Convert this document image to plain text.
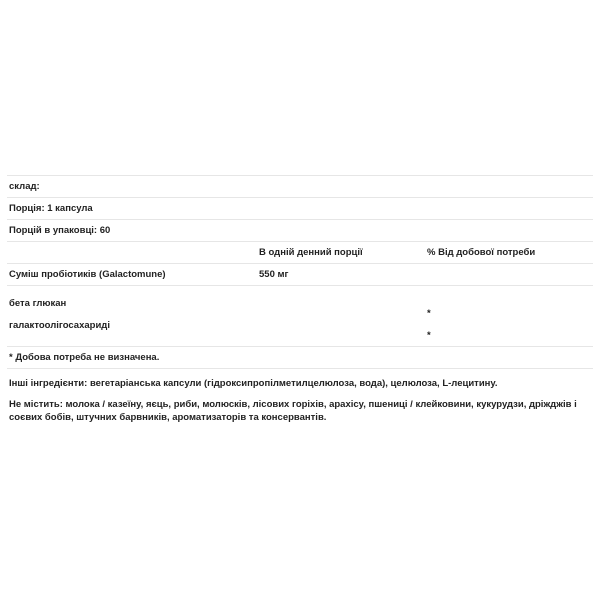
склад:
Порція: 1 капсула
Порцій в упаковці: 60
В одній денний порції	% Від добової потреби
Суміш пробіотиків (Galactomune)	550 мг
бета глюкан
*
галактоолігосахариді
*
* Добова потреба не визначена.
Інші інгредієнти: вегетаріанська капсули (гідроксипропілметилцелюлоза, вода), целюлоза, L-лецитину.
Не містить: молока / казеїну, яєць, риби, молюсків, лісових горіхів, арахісу, пшениці / клейковини, кукурудзи, дріжджів і соєвих бобів, штучних барвників, ароматизаторів та консервантів.
